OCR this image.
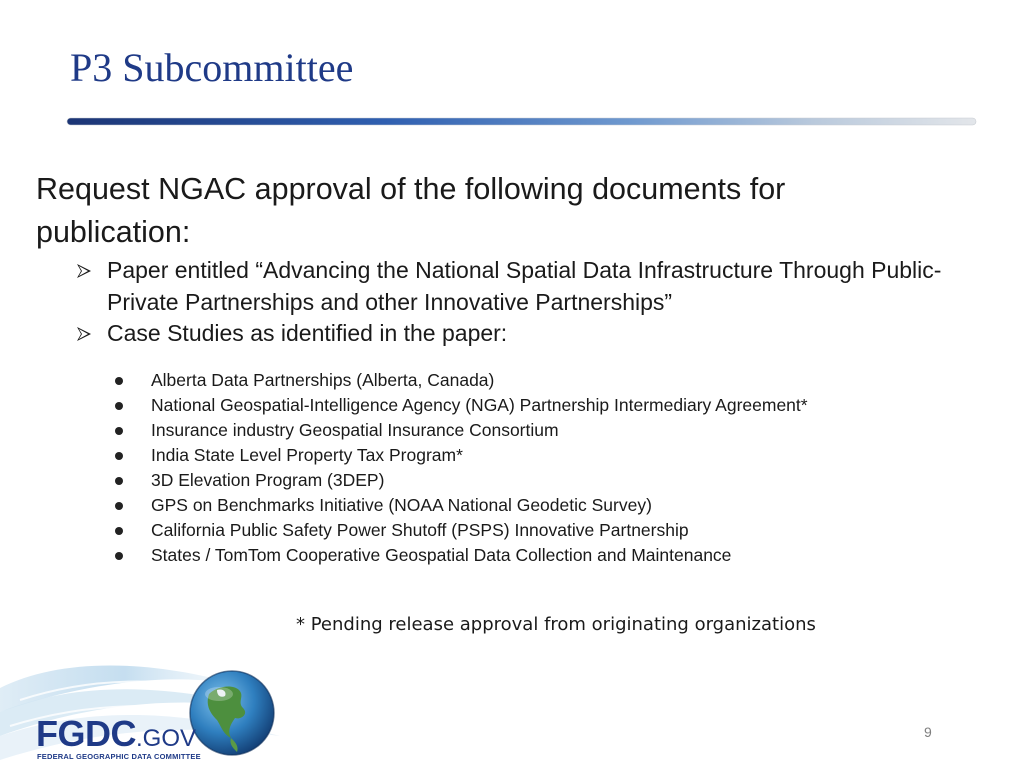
P3 Subcommittee
Request NGAC approval of the following documents for publication:
Paper entitled “Advancing the National Spatial Data Infrastructure Through Public-Private Partnerships and other Innovative Partnerships”
Case Studies as identified in the paper:
Alberta Data Partnerships (Alberta, Canada)
National Geospatial-Intelligence Agency (NGA) Partnership Intermediary Agreement*
Insurance industry Geospatial Insurance Consortium
India State Level Property Tax Program*
3D Elevation Program (3DEP)
GPS on Benchmarks Initiative (NOAA National Geodetic Survey)
California Public Safety Power Shutoff (PSPS) Innovative Partnership
States / TomTom Cooperative Geospatial Data Collection and Maintenance
* Pending release approval from originating organizations
FGDC.GOV
FEDERAL GEOGRAPHIC DATA COMMITTEE
9
